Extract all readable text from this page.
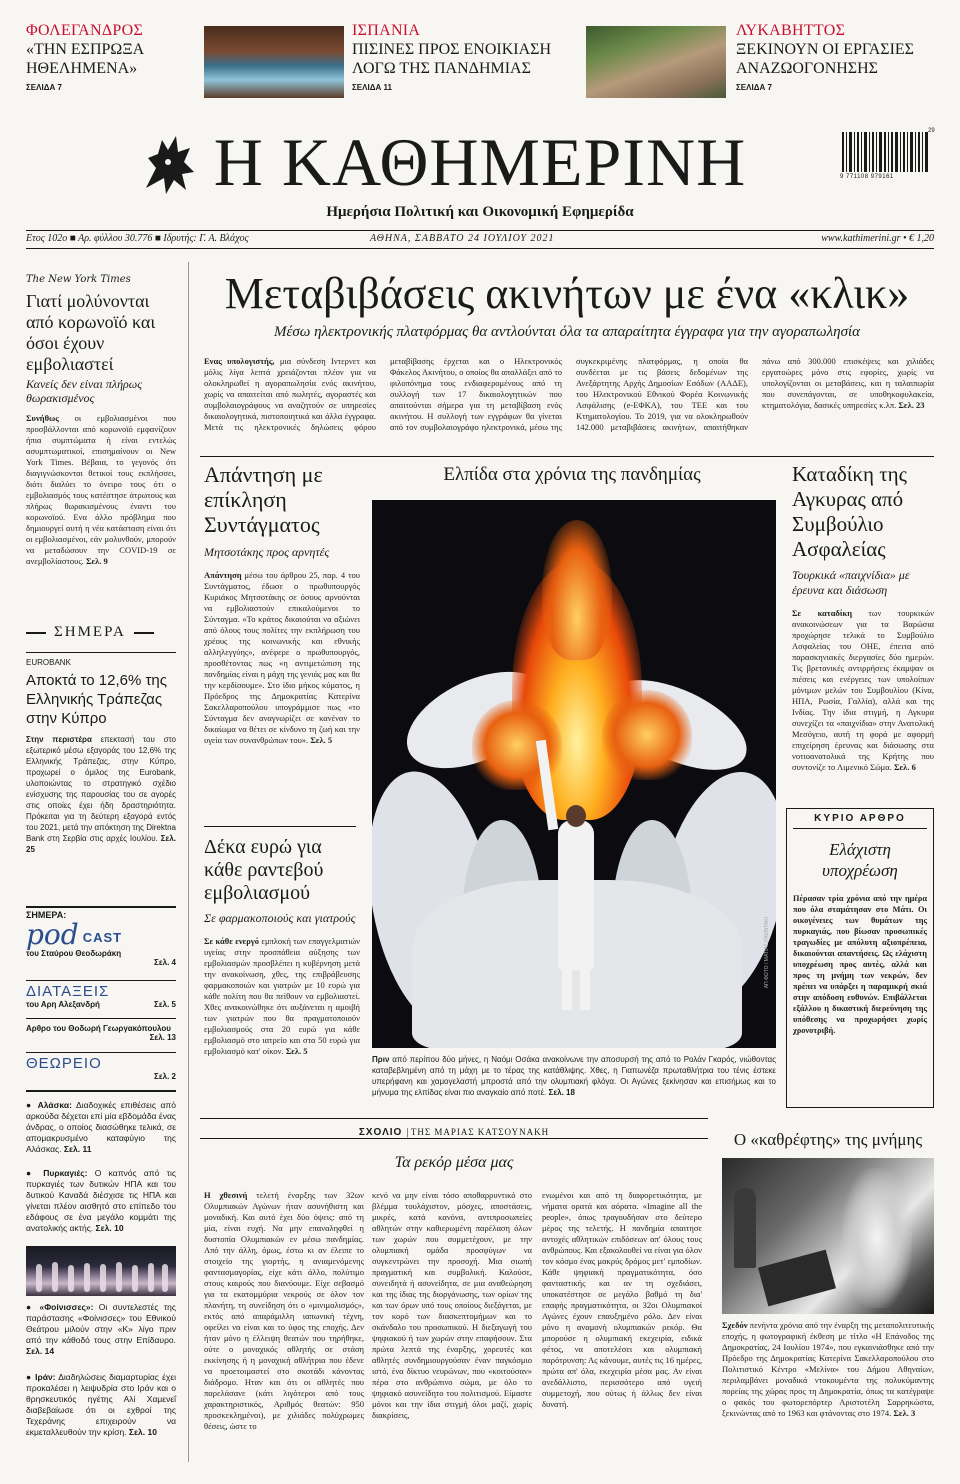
ΦΟΛΕΓΑΝΔΡΟΣ
«ΤΗΝ ΕΣΠΡΩΞΑ
ΗΘΕΛΗΜΕΝΑ»
ΣΕΛΙΔΑ 7
ΙΣΠΑΝΙΑ
ΠΙΣΙΝΕΣ ΠΡΟΣ ΕΝΟΙΚΙΑΣΗ
ΛΟΓΩ ΤΗΣ ΠΑΝΔΗΜΙΑΣ
ΣΕΛΙΔΑ 11
ΛΥΚΑΒΗΤΤΟΣ
ΞΕΚΙΝΟΥΝ ΟΙ ΕΡΓΑΣΙΕΣ
ΑΝΑΖΩΟΓΟΝΗΣΗΣ
ΣΕΛΙΔΑ 7
Η ΚΑΘΗΜΕΡΙΝΗ
Ημερήσια Πολιτική και Οικονομική Εφημερίδα
9 771108 979161
29
Ετος 102ο ■ Αρ. φύλλου 30.776 ■ Ιδρυτής: Γ. Α. Βλάχος	ΑΘΗΝΑ, ΣΑΒΒΑΤΟ 24 ΙΟΥΛΙΟΥ 2021	www.kathimerini.gr • € 1,20
The New York Times
Γιατί μολύνονται από κορωνοϊό και όσοι έχουν εμβολιαστεί
Κανείς δεν είναι πλήρως θωρακισμένος
Συνήθως οι εμβολιασμένοι που προσβάλλονται από κορωνοϊό εμφανίζουν ήπια συμπτώματα ή είναι εντελώς ασυμπτωματικοί, επισημαίνουν οι New York Times. Βέβαια, το γεγονός ότι διαγιγνώσκονται θετικοί τους εκπλήσσει, διότι διαλύει το όνειρο τους ότι ο εμβολιασμός τους κατέστησε άτρωτους και πλήρως θωρακισμένους έναντι του κορωνοϊού. Ενα άλλο πρόβλημα που δημιουργεί αυτή η νέα κατάσταση είναι ότι οι εμβολιασμένοι, εάν μολυνθούν, μπορούν να μεταδώσουν την COVID-19 σε ανεμβολίαστους. Σελ. 9
ΣΗΜΕΡΑ
EUROBANK
Αποκτά το 12,6% της Ελληνικής Τράπεζας στην Κύπρο
Στην περιστέρα επεκτασή του στο εξωτερικό μέσω εξαγοράς του 12,6% της Ελληνικής Τράπεζας, στην Κύπρο, προχωρεί ο όμιλος της Eurobank, υλοποιώντας το στρατηγικό σχέδιο ενίσχυσης της παρουσίας του σε αγορές στις οποίες έχει ήδη δραστηριότητα. Πρόκειται για τη δεύτερη εξαγορά εντός του 2021, μετά την απόκτηση της Direktna Bank στη Σερβία στις αρχές Ιουλίου. Σελ. 25
ΣΗΜΕΡΑ:
pod CAST
του Σταύρου Θεοδωράκη
Σελ. 4
ΔΙΑΤΑΞΕΙΣ
του Αρη Αλεξανδρή	Σελ. 5
Αρθρο του Θοδωρή Γεωργακόπουλου
Σελ. 13
ΘΕΩΡΕΙΟ
Σελ. 2
● Αλάσκα: Διαδοχικές επιθέσεις από αρκούδα δέχεται επί μία εβδομάδα ένας άνδρας, ο οποίος διασώθηκε τελικά, σε απομακρυσμένο καταφύγιο της Αλάσκας. Σελ. 11
● Πυρκαγιές: Ο καπνός από τις πυρκαγιές των δυτικών ΗΠΑ και του δυτικού Καναδά διέσχισε τις ΗΠΑ και γίνεται πλέον αισθητό στο επίπεδο του εδάφους σε ένα μεγάλο κομμάτι της ανατολικής ακτής. Σελ. 10
● «Φοίνισσες»: Οι συντελεστές της παράστασης «Φοίνισσες» του Εθνικού Θεάτρου μιλούν στην «Κ» λίγο πριν από την κάθοδό τους στην Επίδαυρο. Σελ. 14
● Ιράν: Διαδηλώσεις διαμαρτυρίας έχει προκαλέσει η λειψυδρία στο Ιράν και ο θρησκευτικός ηγέτης Αλί Χαμενεΐ διαβεβαίωσε ότι οι εχθροί της Τεχεράνης επιχειρούν να εκμεταλλευθούν την κρίση. Σελ. 10
Μεταβιβάσεις ακινήτων με ένα «κλικ»
Μέσω ηλεκτρονικής πλατφόρμας θα αντλούνται όλα τα απαραίτητα έγγραφα για την αγοραπωλησία
Ενας υπολογιστής, μια σύνδεση Ιντερνετ και μόλις λίγα λεπτά χρειάζονται πλέον για να ολοκληρωθεί η αγοραπωλησία ενός ακινήτου, χωρίς να απαιτείται από πωλητές, αγοραστές και συμβολαιογράφους να αναζητούν σε υπηρεσίες δικαιολογητικά, πιστοποιητικά και άλλα έγγραφα. Μετά τις ηλεκτρονικές δηλώσεις φόρου μεταβίβασης έρχεται και ο Ηλεκτρονικός Φάκελος Ακινήτου, ο οποίος θα απαλλάξει από το φιλοπόνημα τους ενδιαφερομένους από τη συλλογή των 17 δικαιολογητικών που απαιτούνται σήμερα για τη μεταβίβαση ενός ακινήτου. Η συλλογή των εγγράφων θα γίνεται από τον συμβολαιογράφο ηλεκτρονικά, μέσω της συγκεκριμένης πλατφόρμας, η οποία θα συνδέεται με τις βάσεις δεδομένων της Ανεξάρτητης Αρχής Δημοσίων Εσόδων (ΑΑΔΕ), του Ηλεκτρονικού Εθνικού Φορέα Κοινωνικής Ασφάλισης (e-ΕΦΚΑ), του ΤΕΕ και του Κτηματολογίου. Το 2019, για να ολοκληρωθούν 142.000 μεταβιβάσεις ακινήτων, απαιτήθηκαν πάνω από 300.000 επισκέψεις και χιλιάδες εργατοώρες μόνο στις εφορίες, χωρίς να υπολογίζονται οι μεταβάσεις, και η ταλαιπωρία που συνεπάγονται, σε υποθηκοφυλακεία, κτηματολόγια, δασικές υπηρεσίες κ.λπ. Σελ. 23
Απάντηση με επίκληση Συντάγματος
Μητσοτάκης προς αρνητές
Απάντηση μέσω του άρθρου 25, παρ. 4 του Συντάγματος, έδωσε ο πρωθυπουργός Κυριάκος Μητσοτάκης σε όσους αρνούνται να εμβολιαστούν επικαλούμενοι το Σύνταγμα. «Το κράτος δικαιούται να αξιώνει από όλους τους πολίτες την εκπλήρωση του χρέους της κοινωνικής και εθνικής αλληλεγγύης», ανέφερε ο πρωθυπουργός, προσθέτοντας πως «η αντιμετώπιση της πανδημίας είναι η μάχη της γενιάς μας και θα την κερδίσουμε». Στο ίδιο μήκος κύματος, η Πρόεδρος της Δημοκρατίας Κατερίνα Σακελλαροπούλου υπογράμμισε πως «το Σύνταγμα δεν αναγνωρίζει σε κανέναν το δικαίωμα να θέτει σε κίνδυνο τη ζωή και την υγεία των συνανθρώπων του». Σελ. 5
Δέκα ευρώ για κάθε ραντεβού εμβολιασμού
Σε φαρμακοποιούς και γιατρούς
Σε κάθε ενεργό εμπλοκή των επαγγελματιών υγείας στην προσπάθεια αύξησης των εμβολιασμών προσβλέπει η κυβέρνηση μετά την ανακοίνωση, χθες, της επιβράβευσης φαρμακοποιών και γιατρών με 10 ευρώ για κάθε πολίτη που θα πείθουν να εμβολιαστεί. Χθες ανακοινώθηκε ότι αυξάνεται η αμοιβή των γιατρών που θα πραγματοποιούν εμβολιασμούς στα 20 ευρώ για κάθε εμβολιασμό στο ιατρείο και στα 50 ευρώ για εμβολιασμό κατ' οίκον. Σελ. 5
Ελπίδα στα χρόνια της πανδημίας
ΑΠ ΦΩΤΟ / ΜΑΤΙΑΣ ΡΑΜΝΤΑΚΙ
Πριν από περίπου δύο μήνες, η Ναόμι Οσάκα ανακοίνωνε την αποσυρσή της από το Ρολάν Γκαρός, νιώθοντας καταβεβλημένη από τη μάχη με το τέρας της κατάθλιψης. Χθες, η Γιαπωνέζα πρωταθλήτρια του τένις έστεκε υπερήφανη και χαμογελαστή μπροστά από την ολυμπιακή φλόγα. Οι Αγώνες ξεκίνησαν και επισήμως και το μήνυμα της ελπίδας είναι πιο αναγκαίο από ποτέ. Σελ. 18
Καταδίκη της Αγκυρας από Συμβούλιο Ασφαλείας
Τουρκικά «παιχνίδια» με έρευνα και διάσωση
Σε καταδίκη των τουρκικών ανακοινώσεων για τα Βαρώσια προχώρησε τελικά το Συμβούλιο Ασφαλείας του ΟΗΕ, έπειτα από παρασκηνιακές διεργασίες δύο ημερών. Τις βρετανικές αντιρρήσεις έκαμψαν οι πιέσεις και ενέργειες των υπολοίπων μόνιμων μελών του Συμβουλίου (Κίνα, ΗΠΑ, Ρωσία, Γαλλία), αλλά και της Ινδίας. Την ίδια στιγμή, η Αγκυρα συνεχίζει τα «παιχνίδια» στην Ανατολική Μεσόγειο, αυτή τη φορά με αφορμή επιχείρηση έρευνας και διάσωσης στα νοτιοανατολικά της Κρήτης που συντονίζε το Λιμενικό Σώμα. Σελ. 6
ΚΥΡΙΟ ΑΡΘΡΟ
Ελάχιστη υποχρέωση
Πέρασαν τρία χρόνια από την ημέρα που όλα σταμάτησαν στο Μάτι. Οι οικογένειες των θυμάτων της πυρκαγιάς, που βίωσαν προσωπικές τραγωδίες με απόλυτη αξιοπρέπεια, δικαιούνται απαντήσεις. Ως ελάχιστη υποχρέωση προς αυτές, αλλά και προς τη μνήμη των νεκρών, δεν πρέπει να υπάρξει η παραμικρή σκιά στην απόδοση ευθυνών. Επιβάλλεται εξάλλου η δικαστική διερεύνηση της υπόθεσης να προχωρήσει χωρίς χρονοτριβή.
ΣΧΟΛΙΟ | ΤΗΣ ΜΑΡΙΑΣ ΚΑΤΣΟΥΝΑΚΗ
Τα ρεκόρ μέσα μας
Η χθεσινή τελετή έναρξης των 32ων Ολυμπιακών Αγώνων ήταν ασυνήθιστη και μοναδική. Και αυτό έχει δύο όψεις: από τη μία, είναι ευχή. Να μην επαναληφθεί η δυστοπία Ολυμπιακών εν μέσω πανδημίας. Από την άλλη, όμως, έστω κι αν έλειπε το στοιχείο της γιορτής, η ανιαμενόμενης φαντασμαγορίας, είχε κάτι άλλο, πολύτιμο στους καιρούς που διανύουμε. Είχε σεβασμό για τα εκατομμύρια νεκρούς σε όλον τον πλανήτη, τη συνείδηση ότι ο «μινιμαλισμός», εκτός από απαράμιλλη ιαπωνική τέχνη, οφείλει να είναι και το ύφος της εποχής. Δεν ήταν μόνο η έλλειψη θεατών που τηρήθηκε, ούτε ο μοναχικός αθλητής σε στάση εκκίνησης ή η μοναχική αθλήτρια που έδενε να προετοιμαστεί στο σκοτάδι κάνοντας διάδρομο. Ηταν και ότι οι αθλητές που παρελάσανε (κάτι λιγότεροι από τους χαρακτηριστικός, Αριθμός θεατών: 950 προσκεκλημένοι), με χιλιάδες πολύχρωμες θέσεις, ώστε το
κενό να μην είναι τόσο αποθαρρυντικό στο βλέμμα τουλάχιστον, μόσχες, αποστάσεις, μικρές, κατά κανόνα, αντιπροσωπείες αθλητών στην καθιερωμένη παρέλαση όλων των χωρών που συμμετέχουν, με την ολυμπιακή ομάδα προσφύγων να συγκεντρώνει την προσοχή. Μια σιωπή πραγματική και συμβολική. Καλούσε, συνειδητά ή ασυνείδητα, σε μια αναθεώρηση και της ίδιας της διοργάνωσης, των ορίων της και των όρων υπό τους οποίους διεξάγεται, με τον κορό των διασκεπτομήμων και το σκάνδαλο του προσωπικού. Η διεξαγωγή του ψηφιακού ή των χωρών στην επαφήσουν. Στα πρώτα λεπτά της έναρξης, χορευτές και αθλητές συνδημιουργούσαν έναν παγκόσμιο ιστό, ένα δίκτυο νευρώνων, που «κοιτούσαν» πέρα στο ανθρώπινο σώμα, με όλο το ψηφιακό ασυνείδητο του πολιτισμού. Είμαστε μόνοι και την ίδια στιγμή όλοι μαζί, χωρίς διακρίσεις,
ενωμένοι και από τη διαφορετικότητα, με νήματα ορατά και αόρατα. «Imagine all the people», όπως τραγουδήσαν στο δεύτερο μέρος της τελετής. Η πανδημία απαιτησε αντοχές αθλητικών επιδόσεων απ' όλους τους ανθρώπους. Και εξακολουθεί να είναι για όλον τον κόσμο ένας μακρύς δρόμος μετ' εμποδίων. Κάθε ψηφιακή πραγματικότητα, όσο φανταστικής και αν τη σχεδιάσει, υποκατέστησε σε μεγάλο βαθμό τη δια' επαφής πραγματικότητα, οι 32οι Ολυμπιακοί Αγώνες έχουν επαυξημένο ρόλο. Δεν είναι μόνο η αναμονή ολυμπιακών ρεκόρ. Θα μπορούσε η ολυμπιακή εκεχειρία, ειδικά φέτος, να αποτελέσει και ολυμπιακή παρότρυνση: Ας κάνουμε, αυτές τις 16 ημέρες, πρώτα απ' όλα, εκεχειρία μέσα μας. Αν είναι ανεδάλλιστο, περισσότερο από υγειή συμμετοχή, που ούτως ή άλλως δεν είναι δυνατή.
Ο «καθρέφτης» της μνήμης
Σχεδόν πενήντα χρόνια από την έναρξη της μεταπολιτευτικής εποχής, η φωτογραφική έκθεση με τίτλο «Η Επάνοδος της Δημοκρατίας, 24 Ιουλίου 1974», που εγκαινιάσθηκε από την Πρόεδρο της Δημοκρατίας Κατερίνα Σακελλαροπούλου στο Πολιτιστικό Κέντρο «Μελίνα» του Δήμου Αθηναίων, περιλαμβάνει μοναδικά ντοκουμέντα της πολυκύμαντης πορείας της χώρας προς τη Δημοκρατία, όπως τα κατέγραψε ο φακός του φωτορεπόρτερ Αριστοτέλη Σαρρηκώστα, ξεκινώντας από το 1963 και φτάνοντας στο 1974. Σελ. 3
